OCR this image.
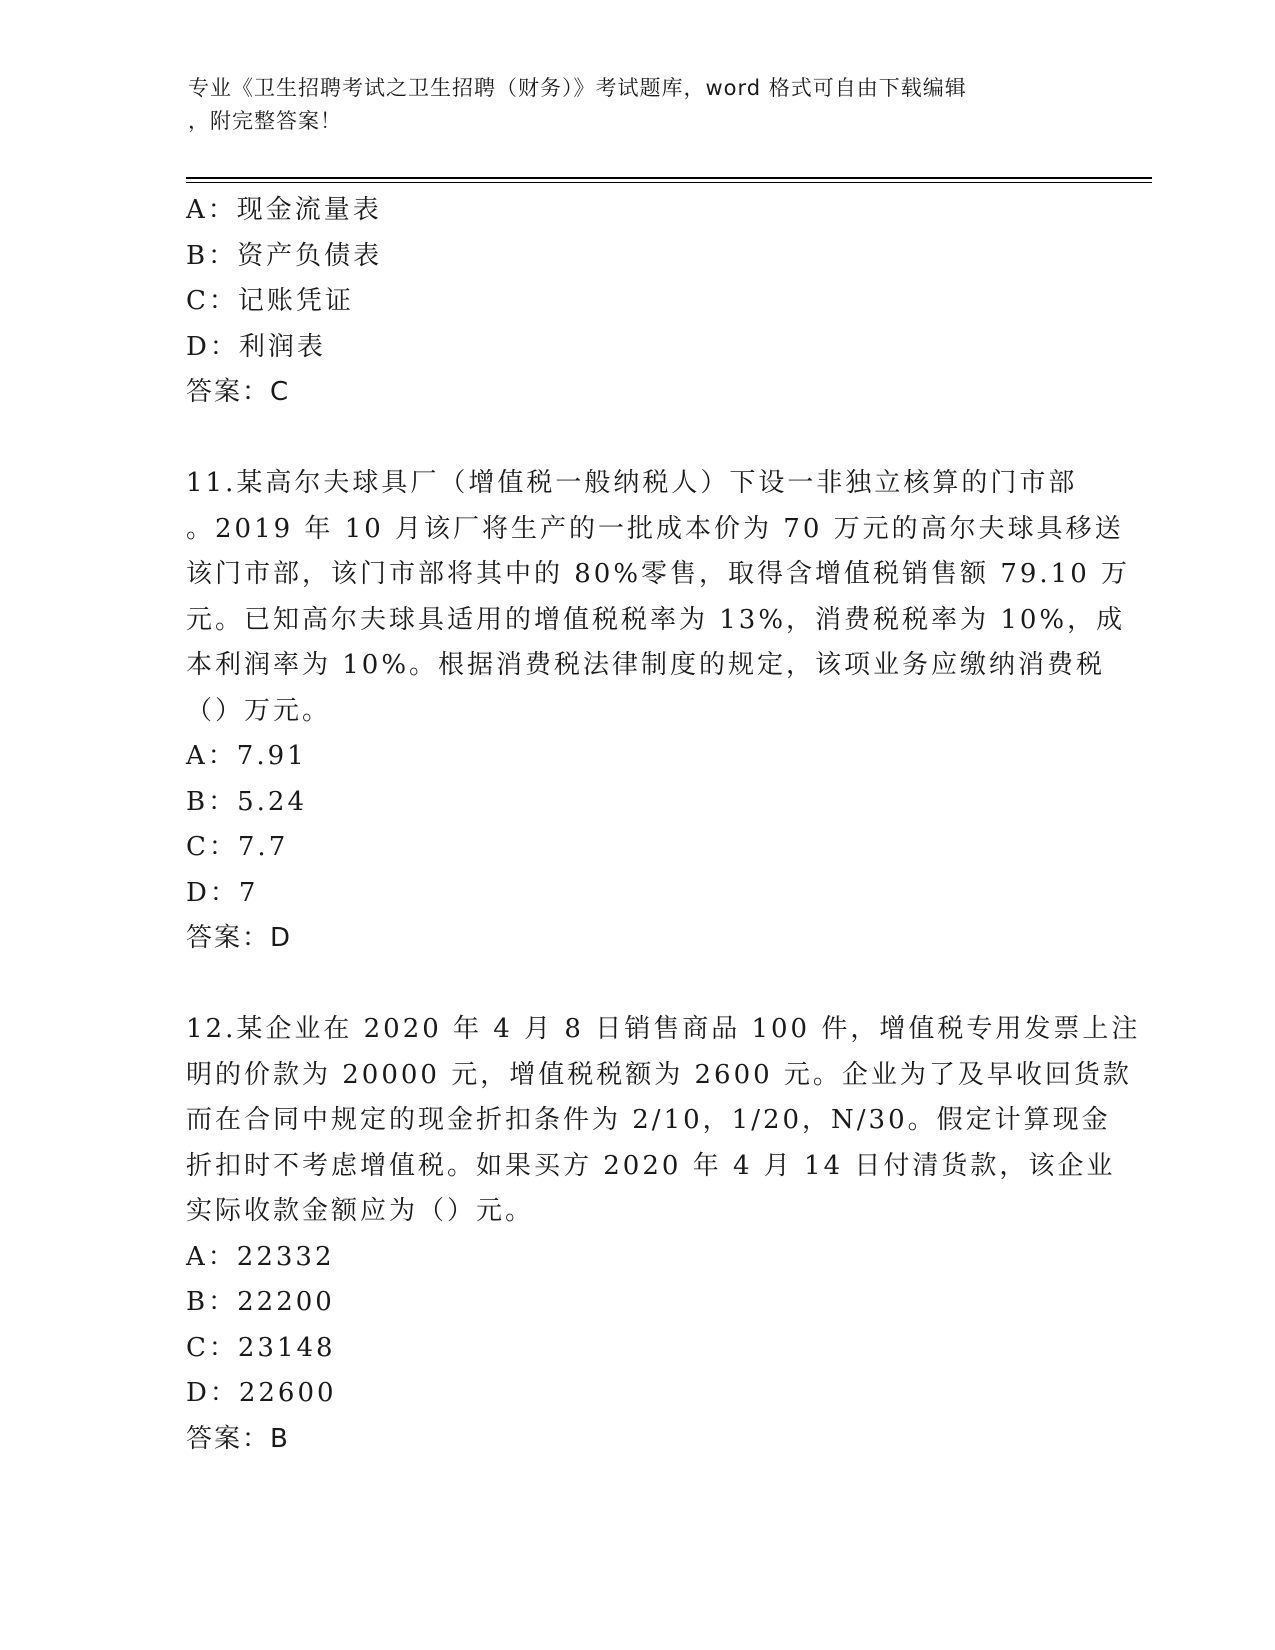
专业《卫生招聘考试之卫生招聘（财务）》考试题库，word 格式可自由下载编辑
，附完整答案！
A：现金流量表
B：资产负债表
C：记账凭证
D：利润表
答案：C
11.某高尔夫球具厂（增值税一般纳税人）下设一非独立核算的门市部
。2019 年 10 月该厂将生产的一批成本价为 70 万元的高尔夫球具移送
该门市部，该门市部将其中的 80%零售，取得含增值税销售额 79.10 万
元。已知高尔夫球具适用的增值税税率为 13%，消费税税率为 10%，成
本利润率为 10%。根据消费税法律制度的规定，该项业务应缴纳消费税
（）万元。
A：7.91
B：5.24
C：7.7
D：7
答案：D
12.某企业在 2020 年 4 月 8 日销售商品 100 件，增值税专用发票上注
明的价款为 20000 元，增值税税额为 2600 元。企业为了及早收回货款
而在合同中规定的现金折扣条件为 2/10，1/20，N/30。假定计算现金
折扣时不考虑增值税。如果买方 2020 年 4 月 14 日付清货款，该企业
实际收款金额应为（）元。
A：22332
B：22200
C：23148
D：22600
答案：B
